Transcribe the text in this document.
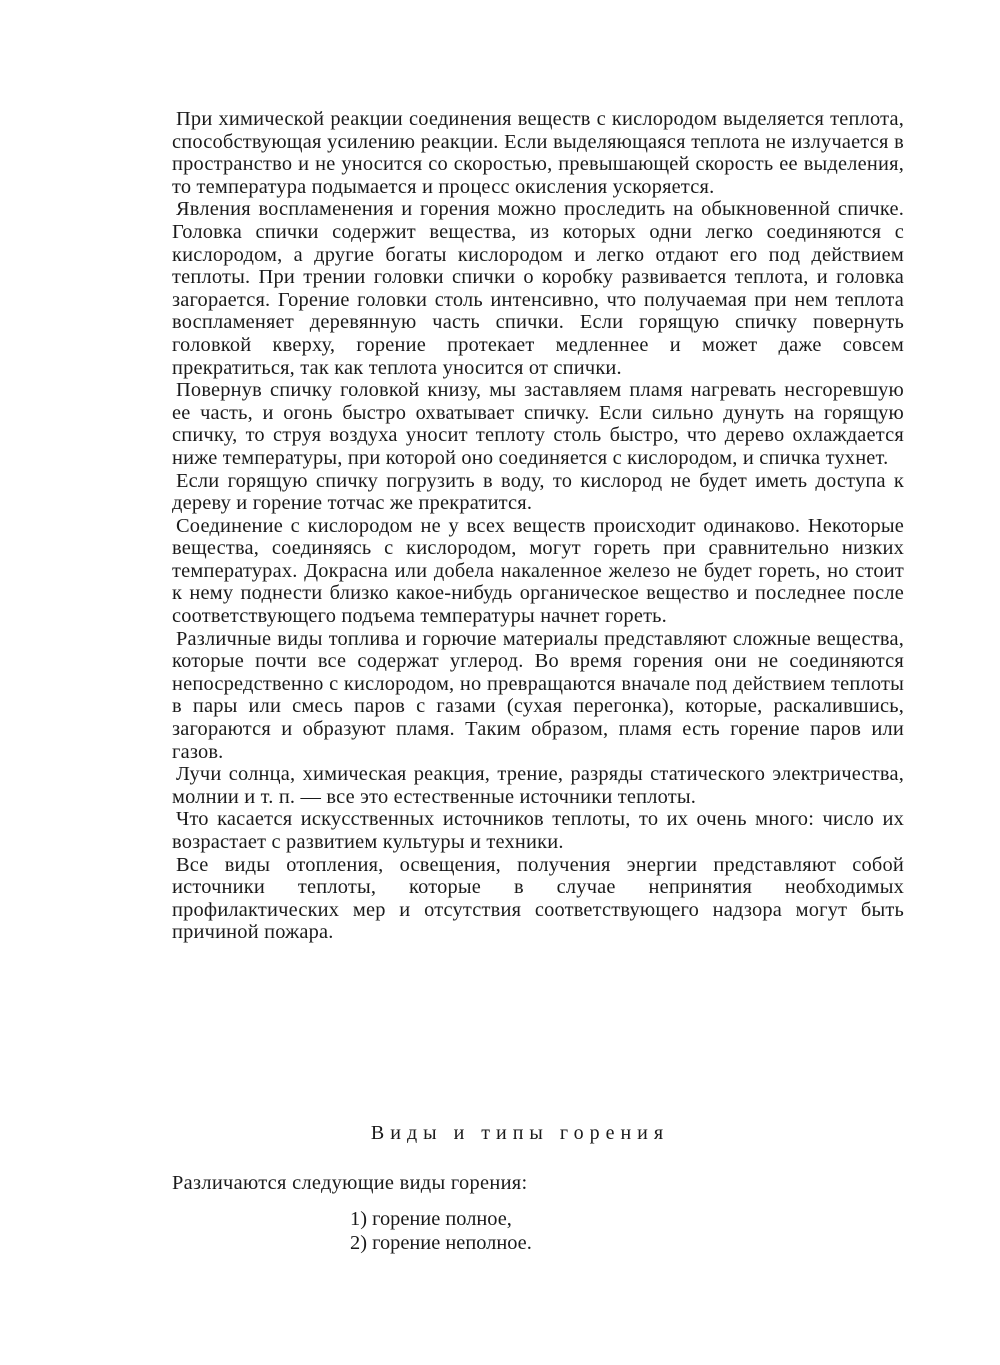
При химической реакции соединения веществ с кислородом выделяется теплота, способствующая усилению реакции. Если выделяющаяся теплота не излучается в пространство и не уносится со скоростью, превышающей скорость ее выделения, то температура подымается и процесс окисления ускоряется.

Явления воспламенения и горения можно проследить на обыкновенной спичке. Головка спички содержит вещества, из которых одни легко соединяются с кислородом, а другие богаты кислородом и легко отдают его под действием теплоты. При трении головки спички о коробку развивается теплота, и головка загорается. Горение головки столь интенсивно, что получаемая при нем теплота воспламеняет деревянную часть спички. Если горящую спичку повернуть головкой кверху, горение протекает медленнее и может даже совсем прекратиться, так как теплота уносится от спички.

Повернув спичку головкой книзу, мы заставляем пламя нагревать несгоревшую ее часть, и огонь быстро охватывает спичку. Если сильно дунуть на горящую спичку, то струя воздуха уносит теплоту столь быстро, что дерево охлаждается ниже температуры, при которой оно соединяется с кислородом, и спичка тухнет.

Если горящую спичку погрузить в воду, то кислород не будет иметь доступа к дереву и горение тотчас же прекратится.

Соединение с кислородом не у всех веществ происходит одинаково. Некоторые вещества, соединяясь с кислородом, могут гореть при сравнительно низких температурах. Докрасна или добела накаленное железо не будет гореть, но стоит к нему поднести близко какое-нибудь органическое вещество и последнее после соответствующего подъема температуры начнет гореть.

Различные виды топлива и горючие материалы представляют сложные вещества, которые почти все содержат углерод. Во время горения они не соединяются непосредственно с кислородом, но превращаются вначале под действием теплоты в пары или смесь паров с газами (сухая перегонка), которые, раскалившись, загораются и образуют пламя. Таким образом, пламя есть горение паров или газов.

Лучи солнца, химическая реакция, трение, разряды статического электричества, молнии и т. п. — все это естественные источники теплоты.

Что касается искусственных источников теплоты, то их очень много: число их возрастает с развитием культуры и техники.

Все виды отопления, освещения, получения энергии представляют собой источники теплоты, которые в случае непринятия необходимых профилактических мер и отсутствия соответствующего надзора могут быть причиной пожара.

Виды и типы горения
Различаются следующие виды горения:
1) горение полное,
2) горение неполное.
